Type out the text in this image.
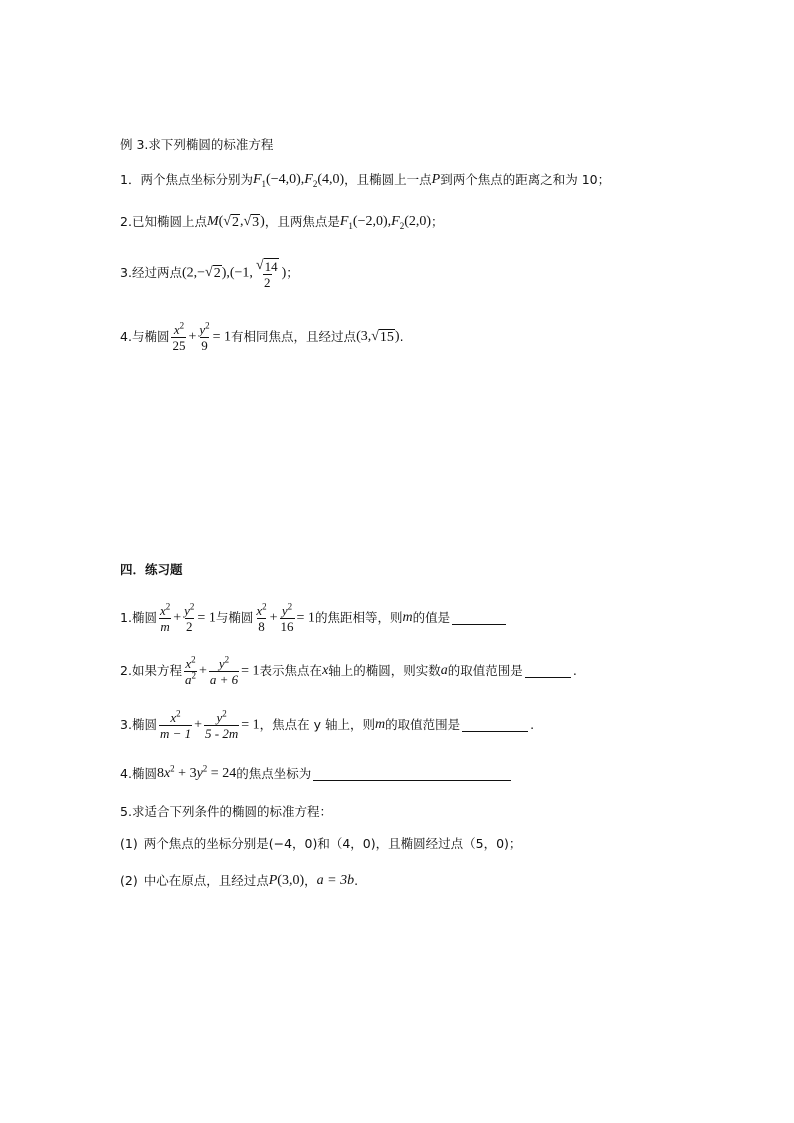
例 3.求下列椭圆的标准方程
1． 两个焦点坐标分别为 $F_1(-4,0)$, $F_2(4,0)$ ，且椭圆上一点 P 到两个焦点的距离之和为 10；
2. 已知椭圆上点 M( √ 2 , √ 3 ) ，且两焦点是 $F_1(-2,0)$, $F_2(2,0)$ ；
3. 经过两点 (2,− √ 2 ),(−1, $\frac{√ 14}{2}$ ) ；
4. 与椭圆 $\frac{x^2}{25} + \frac{y^2}{9} = 1$ 有相同焦点，且经过点 (3, √ 15 ) .
四．练习题
1. 椭圆 $\frac{x^2}{m} + \frac{y^2}{2} = 1$ 与椭圆 $\frac{x^2}{8} + \frac{y^2}{16} = 1$ 的焦距相等，则 m 的值是
2. 如果方程 $\frac{x^2}{a^2} + \frac{y^2}{a + 6} = 1$ 表示焦点在 x 轴上的椭圆，则实数 a 的取值范围是	.
3. 椭圆 $\frac{x^2}{m - 1} + \frac{y^2}{5 - 2m} = 1$ ，焦点在 y 轴上，则 m 的取值范围是	.
4. 椭圆 $8x^2 + 3y^2 = 24$ 的焦点坐标为
5. 求适合下列条件的椭圆的标准方程：
(1) 两个焦点的坐标分别是(−4，0)和（4，0)，且椭圆经过点（5，0)；
(2) 中心在原点，且经过点 P(3,0) ， a = 3b .
